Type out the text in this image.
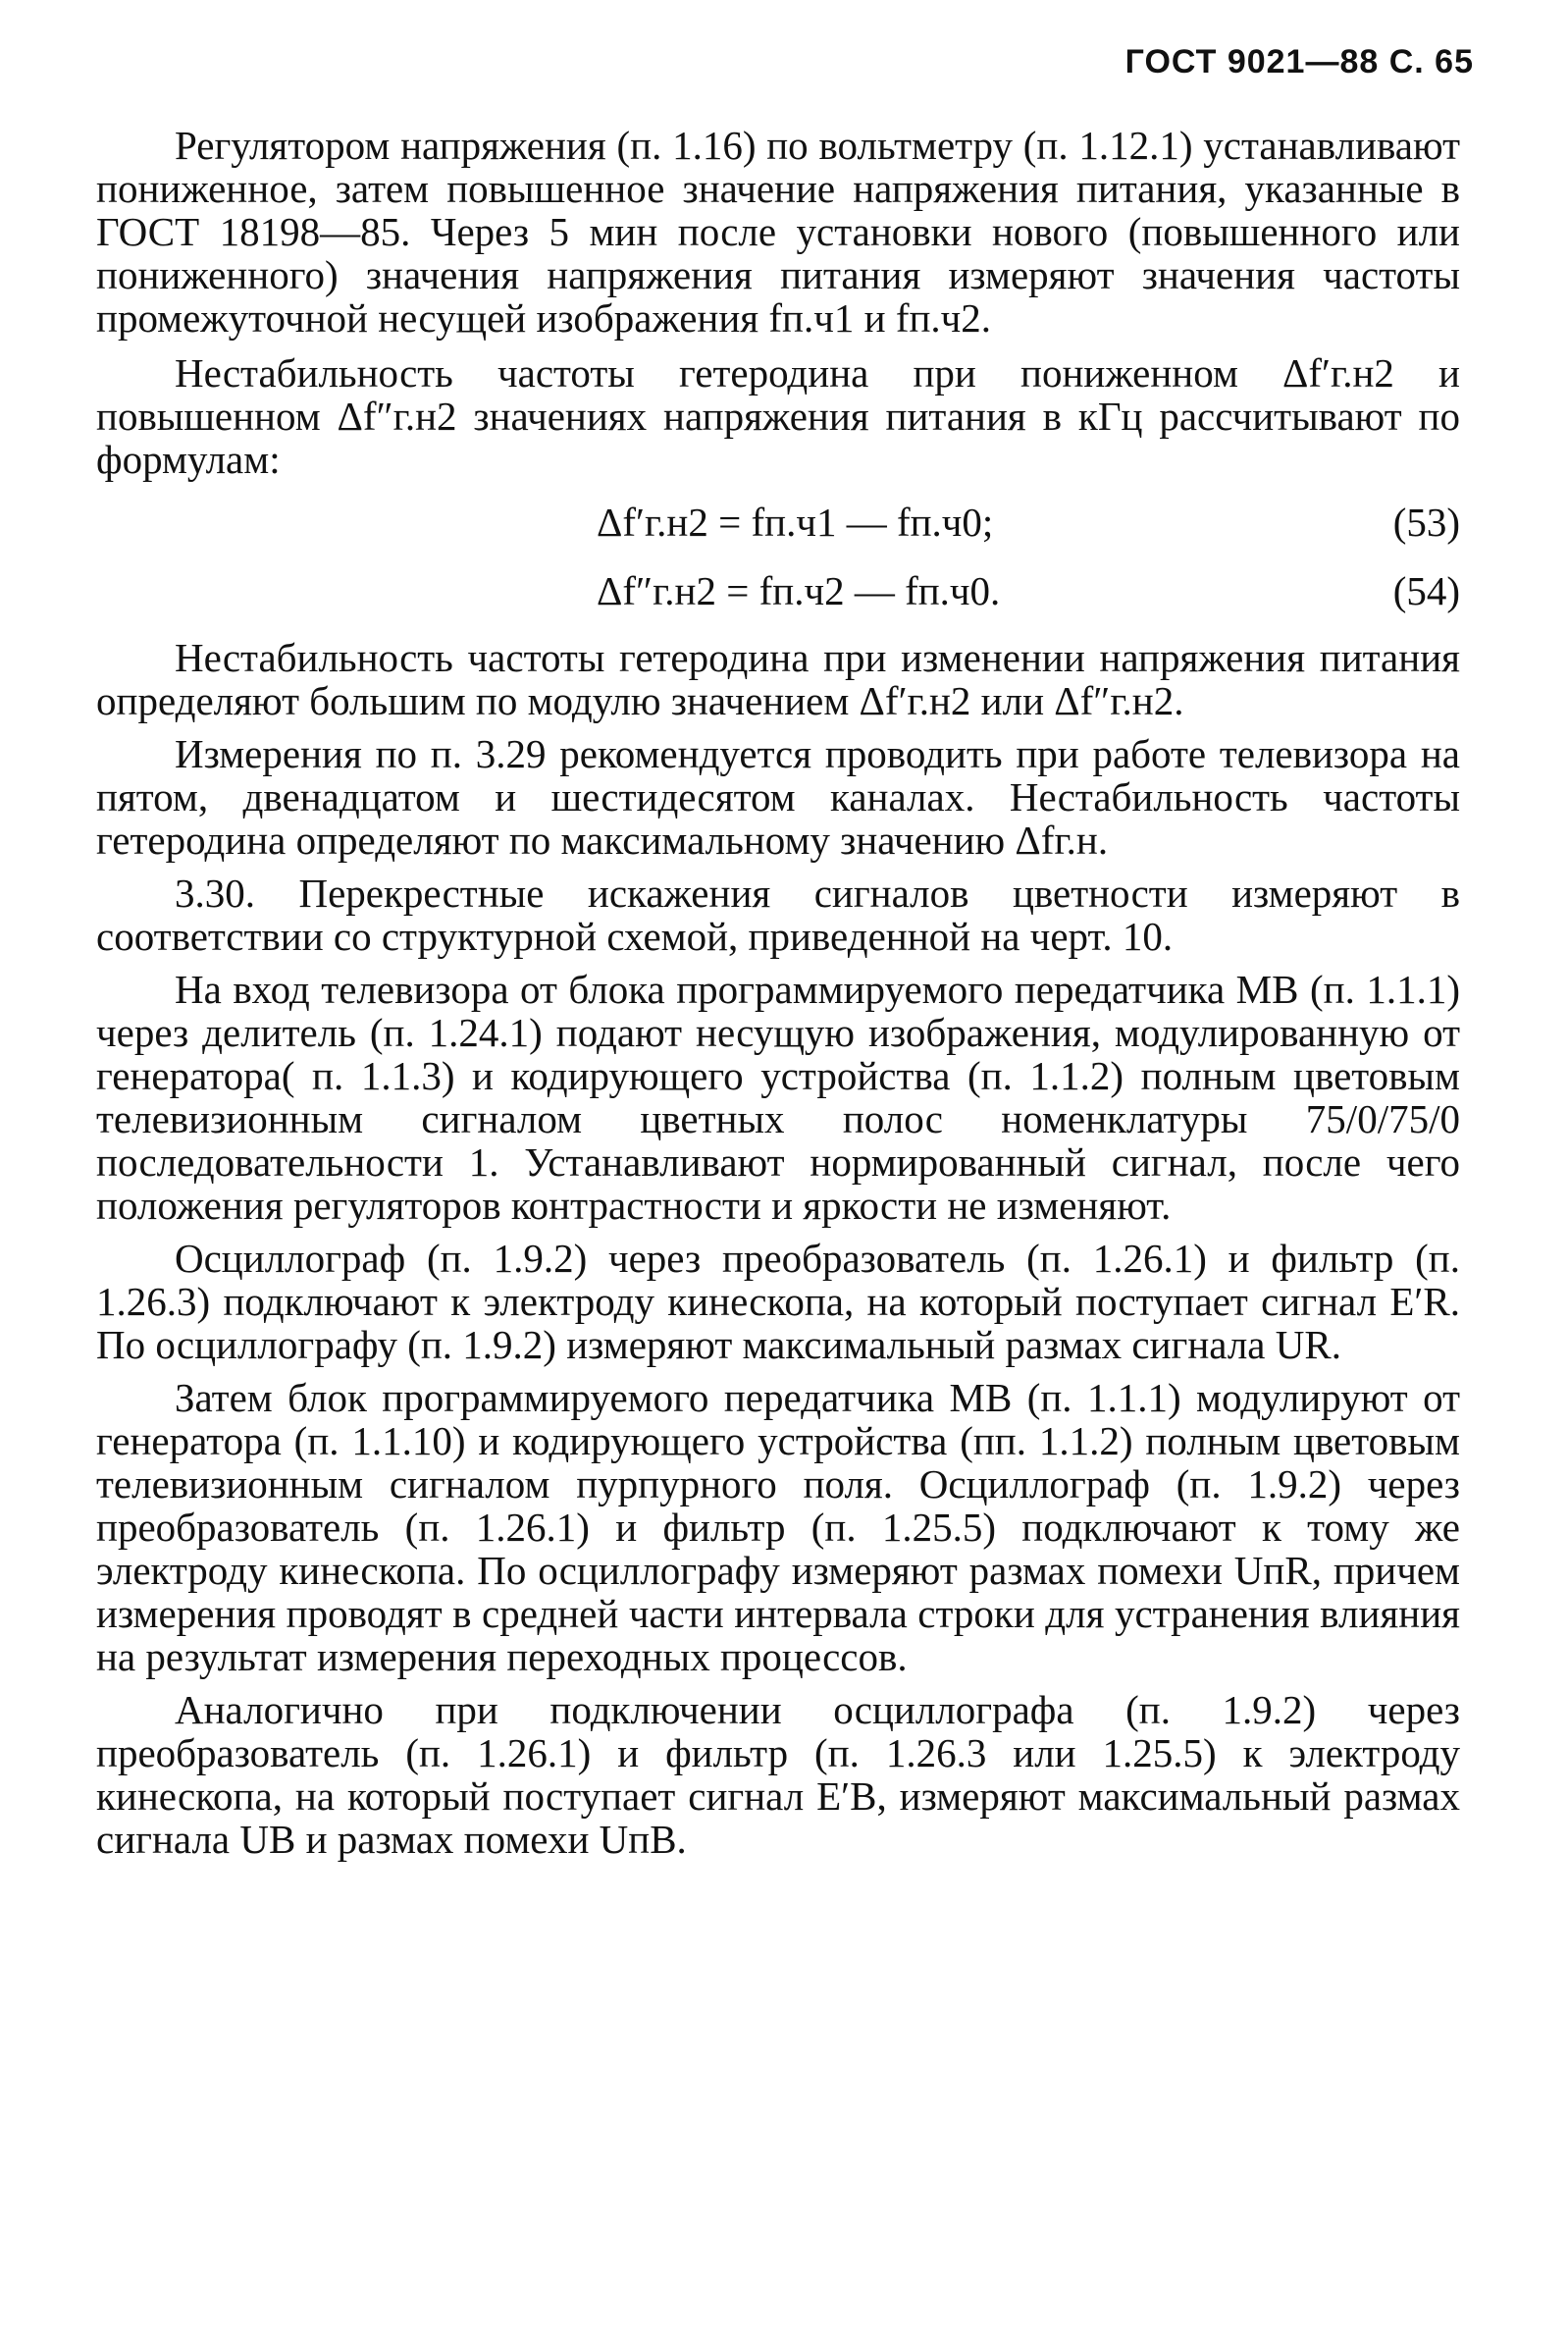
ГОСТ 9021—88 С. 65

Регулятором напряжения (п. 1.16) по вольтметру (п. 1.12.1) устанавливают пониженное, затем повышенное значение напряжения питания, указанные в ГОСТ 18198—85. Через 5 мин после установки нового (повышенного или пониженного) значения напряжения питания измеряют значения частоты промежуточной несущей изображения fп.ч1 и fп.ч2.

Нестабильность частоты гетеродина при пониженном Δf′г.н2 и повышенном Δf″г.н2 значениях напряжения питания в кГц рассчитывают по формулам:

Δf′г.н2 = fп.ч1 — fп.ч0;	(53)
Δf″г.н2 = fп.ч2 — fп.ч0.	(54)

Нестабильность частоты гетеродина при изменении напряжения питания определяют большим по модулю значением Δf′г.н2 или Δf″г.н2.

Измерения по п. 3.29 рекомендуется проводить при работе телевизора на пятом, двенадцатом и шестидесятом каналах. Нестабильность частоты гетеродина определяют по максимальному значению Δfг.н.

3.30. Перекрестные искажения сигналов цветности измеряют в соответствии со структурной схемой, приведенной на черт. 10.

На вход телевизора от блока программируемого передатчика МВ (п. 1.1.1) через делитель (п. 1.24.1) подают несущую изображения, модулированную от генератора( п. 1.1.3) и кодирующего устройства (п. 1.1.2) полным цветовым телевизионным сигналом цветных полос номенклатуры 75/0/75/0 последовательности 1. Устанавливают нормированный сигнал, после чего положения регуляторов контрастности и яркости не изменяют.

Осциллограф (п. 1.9.2) через преобразователь (п. 1.26.1) и фильтр (п. 1.26.3) подключают к электроду кинескопа, на который поступает сигнал E′R. По осциллографу (п. 1.9.2) измеряют максимальный размах сигнала UR.

Затем блок программируемого передатчика МВ (п. 1.1.1) модулируют от генератора (п. 1.1.10) и кодирующего устройства (пп. 1.1.2) полным цветовым телевизионным сигналом пурпурного поля. Осциллограф (п. 1.9.2) через преобразователь (п. 1.26.1) и фильтр (п. 1.25.5) подключают к тому же электроду кинескопа. По осциллографу измеряют размах помехи UпR, причем измерения проводят в средней части интервала строки для устранения влияния на результат измерения переходных процессов.

Аналогично при подключении осциллографа (п. 1.9.2) через преобразователь (п. 1.26.1) и фильтр (п. 1.26.3 или 1.25.5) к электроду кинескопа, на который поступает сигнал E′B, измеряют максимальный размах сигнала UB и размах помехи UпB.
